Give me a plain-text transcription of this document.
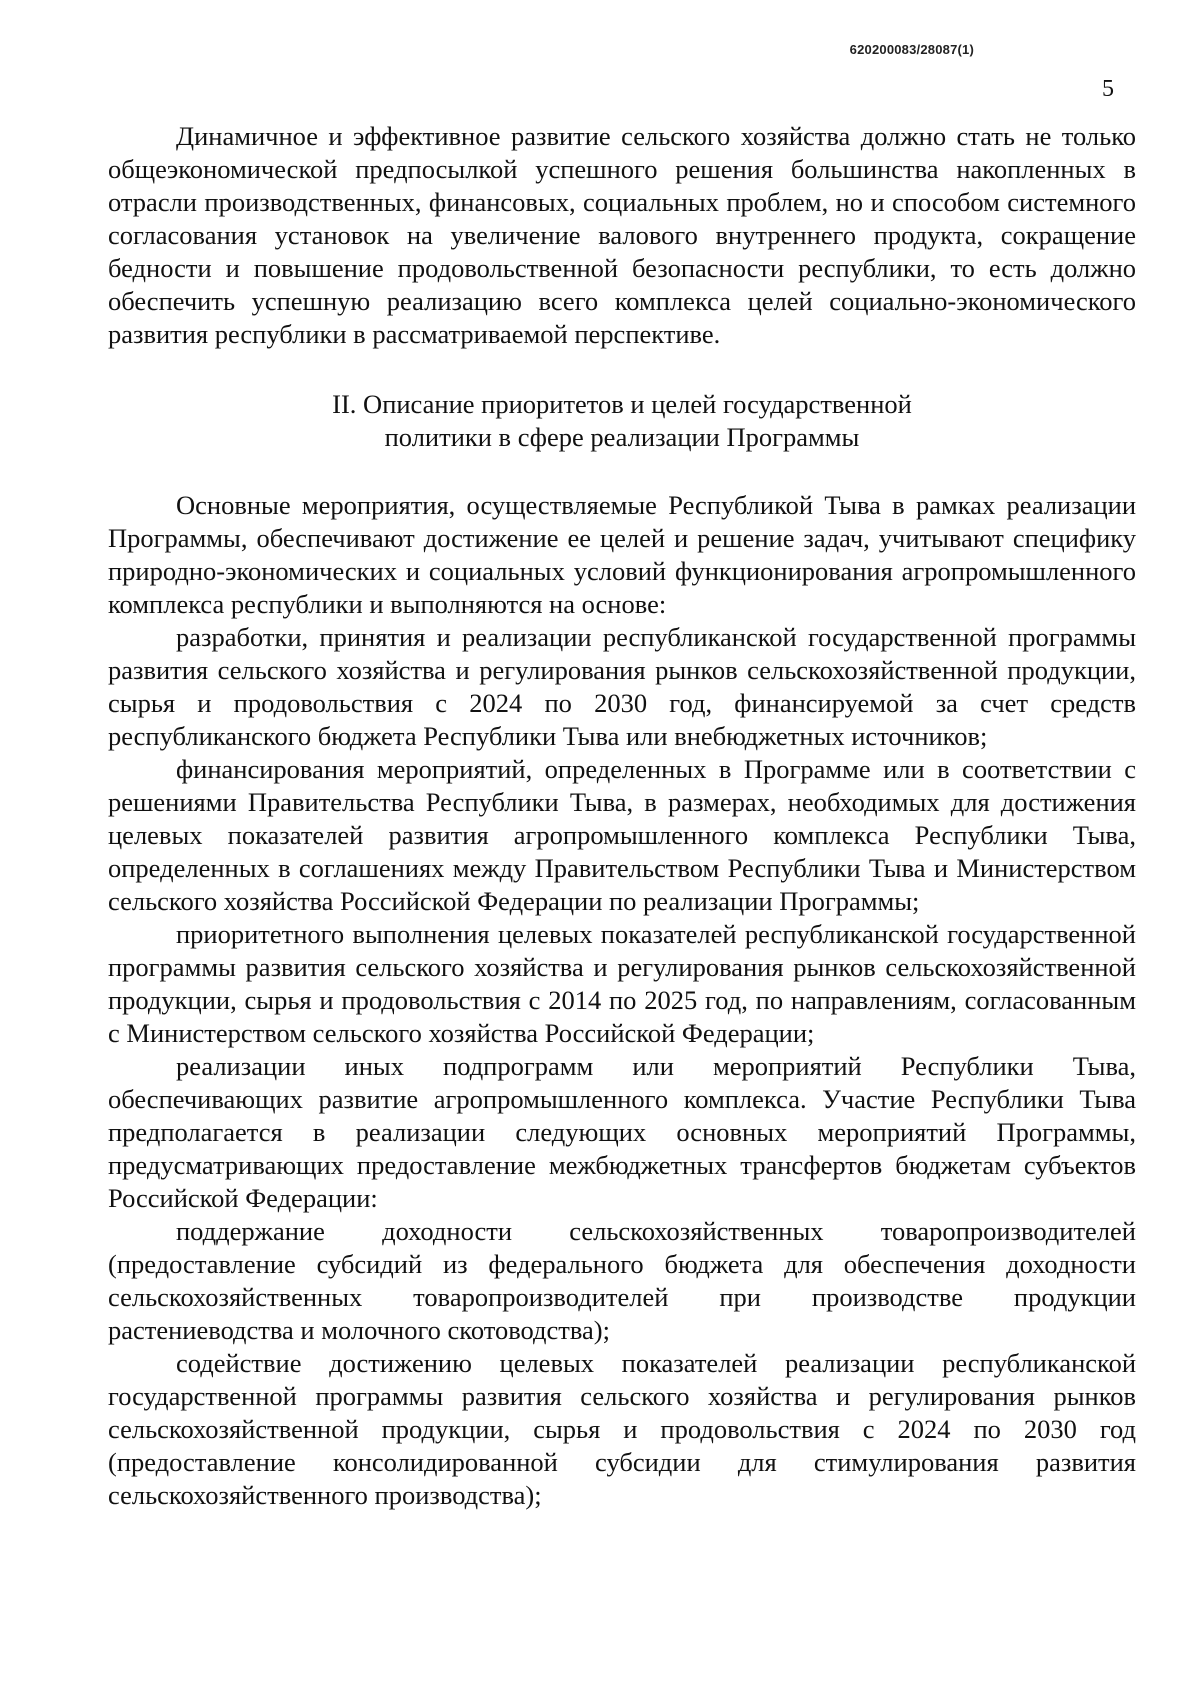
620200083/28087(1)
5

Динамичное и эффективное развитие сельского хозяйства должно стать не только общеэкономической предпосылкой успешного решения большинства накопленных в отрасли производственных, финансовых, социальных проблем, но и способом системного согласования установок на увеличение валового внутреннего продукта, сокращение бедности и повышение продовольственной безопасности республики, то есть должно обеспечить успешную реализацию всего комплекса целей социально-экономического развития республики в рассматриваемой перспективе.

II. Описание приоритетов и целей государственной
политики в сфере реализации Программы

Основные мероприятия, осуществляемые Республикой Тыва в рамках реализации Программы, обеспечивают достижение ее целей и решение задач, учитывают специфику природно-экономических и социальных условий функционирования агропромышленного комплекса республики и выполняются на основе:

разработки, принятия и реализации республиканской государственной программы развития сельского хозяйства и регулирования рынков сельскохозяйственной продукции, сырья и продовольствия с 2024 по 2030 год, финансируемой за счет средств республиканского бюджета Республики Тыва или внебюджетных источников;

финансирования мероприятий, определенных в Программе или в соответствии с решениями Правительства Республики Тыва, в размерах, необходимых для достижения целевых показателей развития агропромышленного комплекса Республики Тыва, определенных в соглашениях между Правительством Республики Тыва и Министерством сельского хозяйства Российской Федерации по реализации Программы;

приоритетного выполнения целевых показателей республиканской государственной программы развития сельского хозяйства и регулирования рынков сельскохозяйственной продукции, сырья и продовольствия с 2014 по 2025 год, по направлениям, согласованным с Министерством сельского хозяйства Российской Федерации;

реализации иных подпрограмм или мероприятий Республики Тыва, обеспечивающих развитие агропромышленного комплекса. Участие Республики Тыва предполагается в реализации следующих основных мероприятий Программы, предусматривающих предоставление межбюджетных трансфертов бюджетам субъектов Российской Федерации:

поддержание доходности сельскохозяйственных товаропроизводителей (предоставление субсидий из федерального бюджета для обеспечения доходности сельскохозяйственных товаропроизводителей при производстве продукции растениеводства и молочного скотоводства);

содействие достижению целевых показателей реализации республиканской государственной программы развития сельского хозяйства и регулирования рынков сельскохозяйственной продукции, сырья и продовольствия с 2024 по 2030 год (предоставление консолидированной субсидии для стимулирования развития сельскохозяйственного производства);
